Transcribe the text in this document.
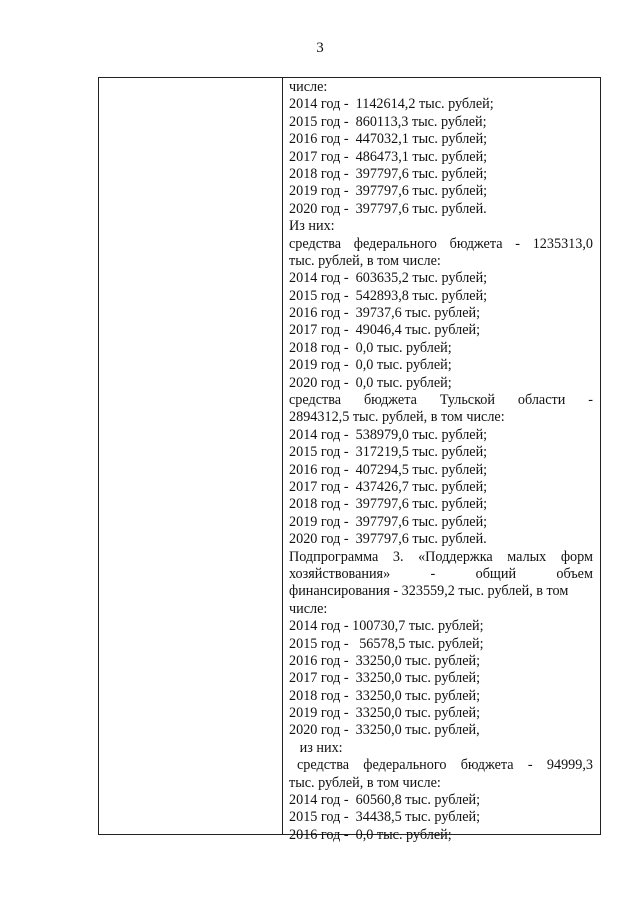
3
числе:
2014 год -  1142614,2 тыс. рублей;
2015 год -  860113,3 тыс. рублей;
2016 год -  447032,1 тыс. рублей;
2017 год -  486473,1 тыс. рублей;
2018 год -  397797,6 тыс. рублей;
2019 год -  397797,6 тыс. рублей;
2020 год -  397797,6 тыс. рублей.
Из них:
средства федерального бюджета - 1235313,0
тыс. рублей, в том числе:
2014 год -  603635,2 тыс. рублей;
2015 год -  542893,8 тыс. рублей;
2016 год -  39737,6 тыс. рублей;
2017 год -  49046,4 тыс. рублей;
2018 год -  0,0 тыс. рублей;
2019 год -  0,0 тыс. рублей;
2020 год -  0,0 тыс. рублей;
средства бюджета Тульской области -
2894312,5 тыс. рублей, в том числе:
2014 год -  538979,0 тыс. рублей;
2015 год -  317219,5 тыс. рублей;
2016 год -  407294,5 тыс. рублей;
2017 год -  437426,7 тыс. рублей;
2018 год -  397797,6 тыс. рублей;
2019 год -  397797,6 тыс. рублей;
2020 год -  397797,6 тыс. рублей.
Подпрограмма 3. «Поддержка малых форм
хозяйствования»	-	общий	объем
финансирования - 323559,2 тыс. рублей, в том
числе:
2014 год - 100730,7 тыс. рублей;
2015 год -   56578,5 тыс. рублей;
2016 год -  33250,0 тыс. рублей;
2017 год -  33250,0 тыс. рублей;
2018 год -  33250,0 тыс. рублей;
2019 год -  33250,0 тыс. рублей;
2020 год -  33250,0 тыс. рублей,
из них:
средства федерального бюджета - 94999,3
тыс. рублей, в том числе:
2014 год -  60560,8 тыс. рублей;
2015 год -  34438,5 тыс. рублей;
2016 год -  0,0 тыс. рублей;
